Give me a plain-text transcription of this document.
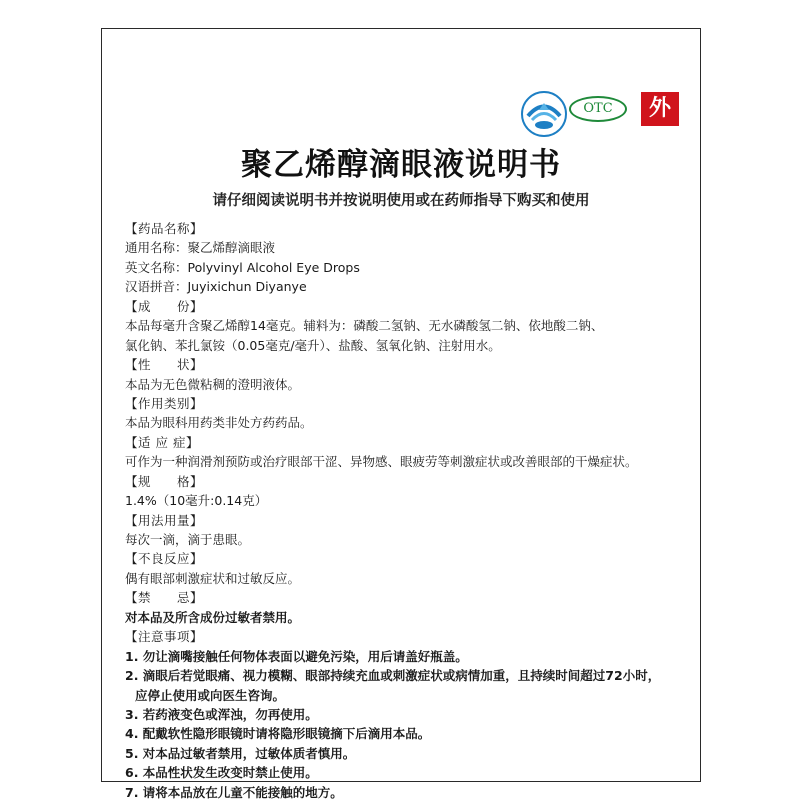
OTC	外
聚乙烯醇滴眼液说明书
请仔细阅读说明书并按说明使用或在药师指导下购买和使用
【药品名称】
通用名称：聚乙烯醇滴眼液
英文名称：Polyvinyl Alcohol Eye Drops
汉语拼音：Juyixichun Diyanye
【成　　份】
本品每毫升含聚乙烯醇14毫克。辅料为：磷酸二氢钠、无水磷酸氢二钠、依地酸二钠、
氯化钠、苯扎氯铵（0.05毫克/毫升）、盐酸、氢氧化钠、注射用水。
【性　　状】
本品为无色微粘稠的澄明液体。
【作用类别】
本品为眼科用药类非处方药药品。
【适 应 症】
可作为一种润滑剂预防或治疗眼部干涩、异物感、眼疲劳等刺激症状或改善眼部的干燥症状。
【规　　格】
1.4%（10毫升:0.14克）
【用法用量】
每次一滴，滴于患眼。
【不良反应】
偶有眼部刺激症状和过敏反应。
【禁　　忌】
对本品及所含成份过敏者禁用。
【注意事项】
1. 勿让滴嘴接触任何物体表面以避免污染，用后请盖好瓶盖。
2. 滴眼后若觉眼痛、视力模糊、眼部持续充血或刺激症状或病情加重，且持续时间超过72小时，
应停止使用或向医生咨询。
3. 若药液变色或浑浊，勿再使用。
4. 配戴软性隐形眼镜时请将隐形眼镜摘下后滴用本品。
5. 对本品过敏者禁用，过敏体质者慎用。
6. 本品性状发生改变时禁止使用。
7. 请将本品放在儿童不能接触的地方。
